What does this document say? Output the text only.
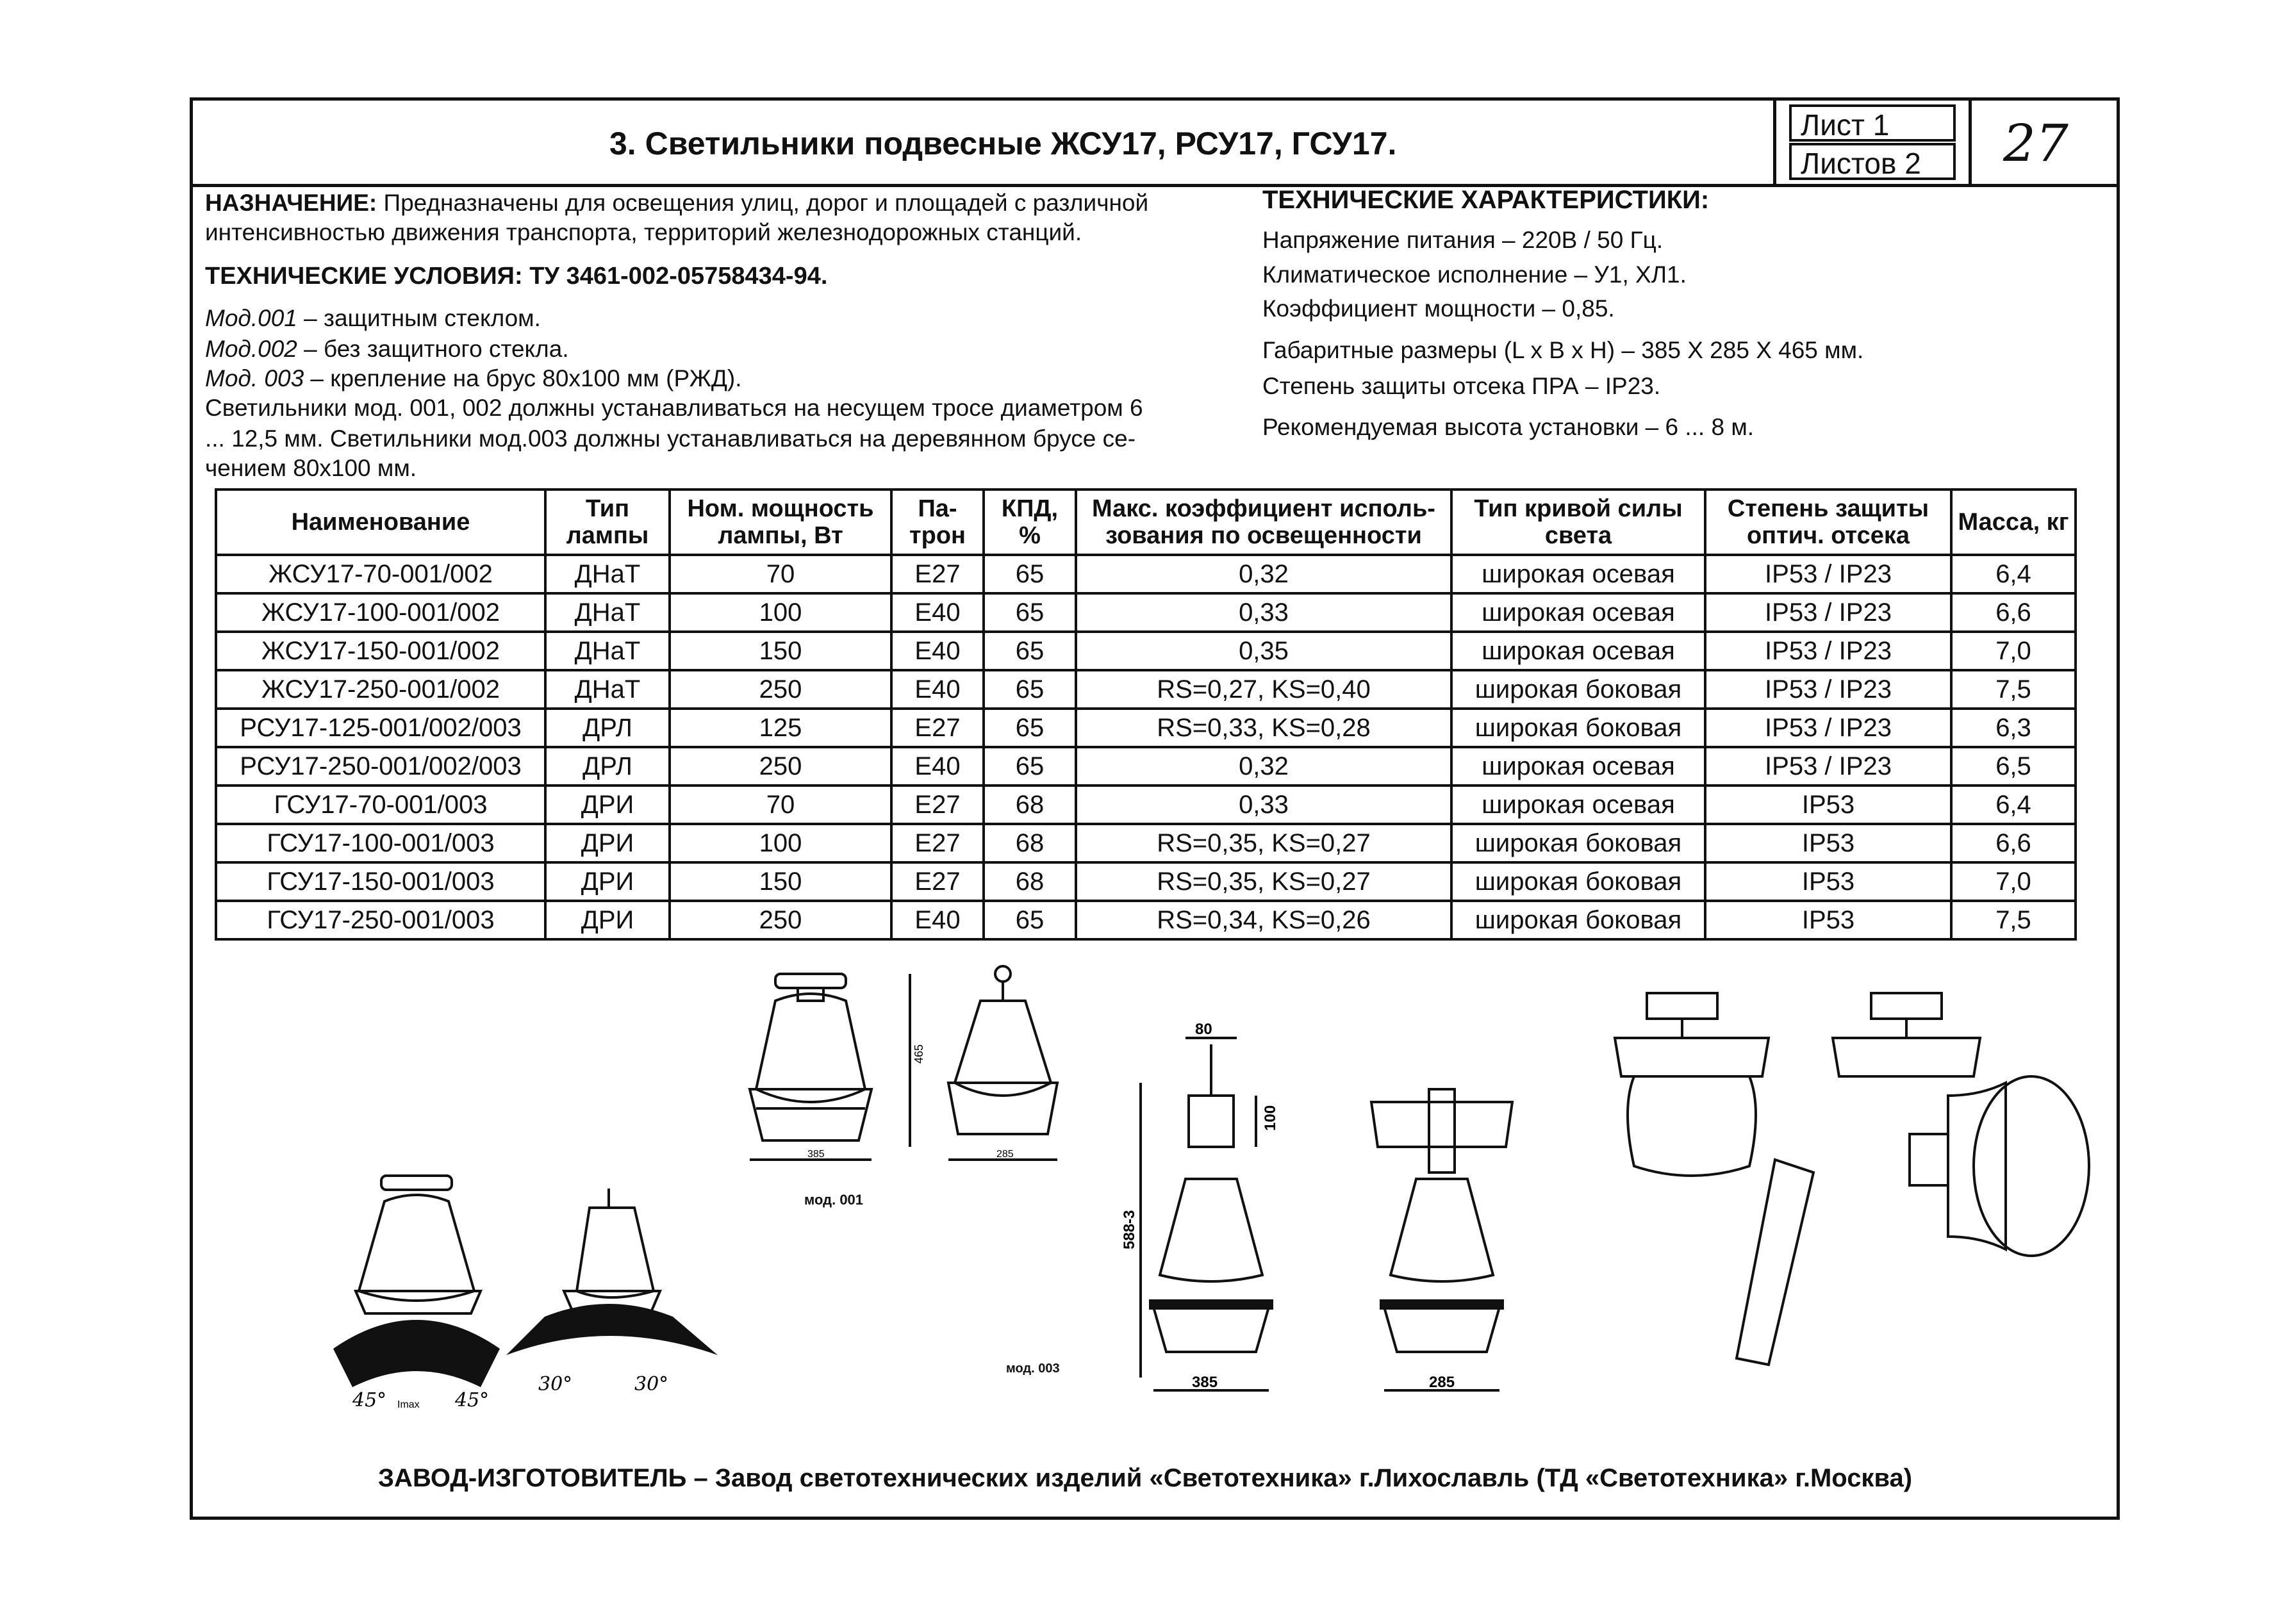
3. Светильники подвесные ЖСУ17, РСУ17, ГСУ17.
Лист 1
Листов 2	27
НАЗНАЧЕНИЕ: Предназначены для освещения улиц, дорог и площадей с различной
интенсивностью движения транспорта, территорий железнодорожных станций.
ТЕХНИЧЕСКИЕ УСЛОВИЯ: ТУ 3461-002-05758434-94.
Мод.001 – защитным стеклом.
Мод.002 – без защитного стекла.
Мод. 003 – крепление на брус 80х100 мм (РЖД).
Светильники мод. 001, 002 должны устанавливаться на несущем тросе диаметром 6
... 12,5 мм. Светильники мод.003 должны устанавливаться на деревянном брусе се-
чением 80х100 мм.
ТЕХНИЧЕСКИЕ ХАРАКТЕРИСТИКИ:
Напряжение питания – 220В / 50 Гц.
Климатическое исполнение – У1, ХЛ1.
Коэффициент мощности – 0,85.
Габаритные размеры (L x B x H) – 385 X 285 X 465 мм.
Степень защиты отсека ПРА – IP23.
Рекомендуемая высота установки – 6 ... 8 м.
Наименование	Тип лампы	Ном. мощность лампы, Вт	Па- трон	КПД, %	Макс. коэффициент исполь- зования по освещенности	Тип кривой силы света	Степень защиты оптич. отсека	Масса, кг
ЖСУ17-70-001/002	ДНаТ	70	E27	65	0,32	широкая осевая	IP53 / IP23	6,4
ЖСУ17-100-001/002	ДНаТ	100	E40	65	0,33	широкая осевая	IP53 / IP23	6,6
ЖСУ17-150-001/002	ДНаТ	150	E40	65	0,35	широкая осевая	IP53 / IP23	7,0
ЖСУ17-250-001/002	ДНаТ	250	E40	65	RS=0,27, KS=0,40	широкая боковая	IP53 / IP23	7,5
РСУ17-125-001/002/003	ДРЛ	125	E27	65	RS=0,33, KS=0,28	широкая боковая	IP53 / IP23	6,3
РСУ17-250-001/002/003	ДРЛ	250	E40	65	0,32	широкая осевая	IP53 / IP23	6,5
ГСУ17-70-001/003	ДРИ	70	E27	68	0,33	широкая осевая	IP53	6,4
ГСУ17-100-001/003	ДРИ	100	E27	68	RS=0,35, KS=0,27	широкая боковая	IP53	6,6
ГСУ17-150-001/003	ДРИ	150	E27	68	RS=0,35, KS=0,27	широкая боковая	IP53	7,0
ГСУ17-250-001/003	ДРИ	250	E40	65	RS=0,34, KS=0,26	широкая боковая	IP53	7,5
465
385	285
мод. 001
45° Imax 45°
30°	30°
80
100
588-3
385	285
мод. 003
ЗАВОД-ИЗГОТОВИТЕЛЬ – Завод светотехнических изделий «Светотехника» г.Лихославль (ТД «Светотехника» г.Москва)
